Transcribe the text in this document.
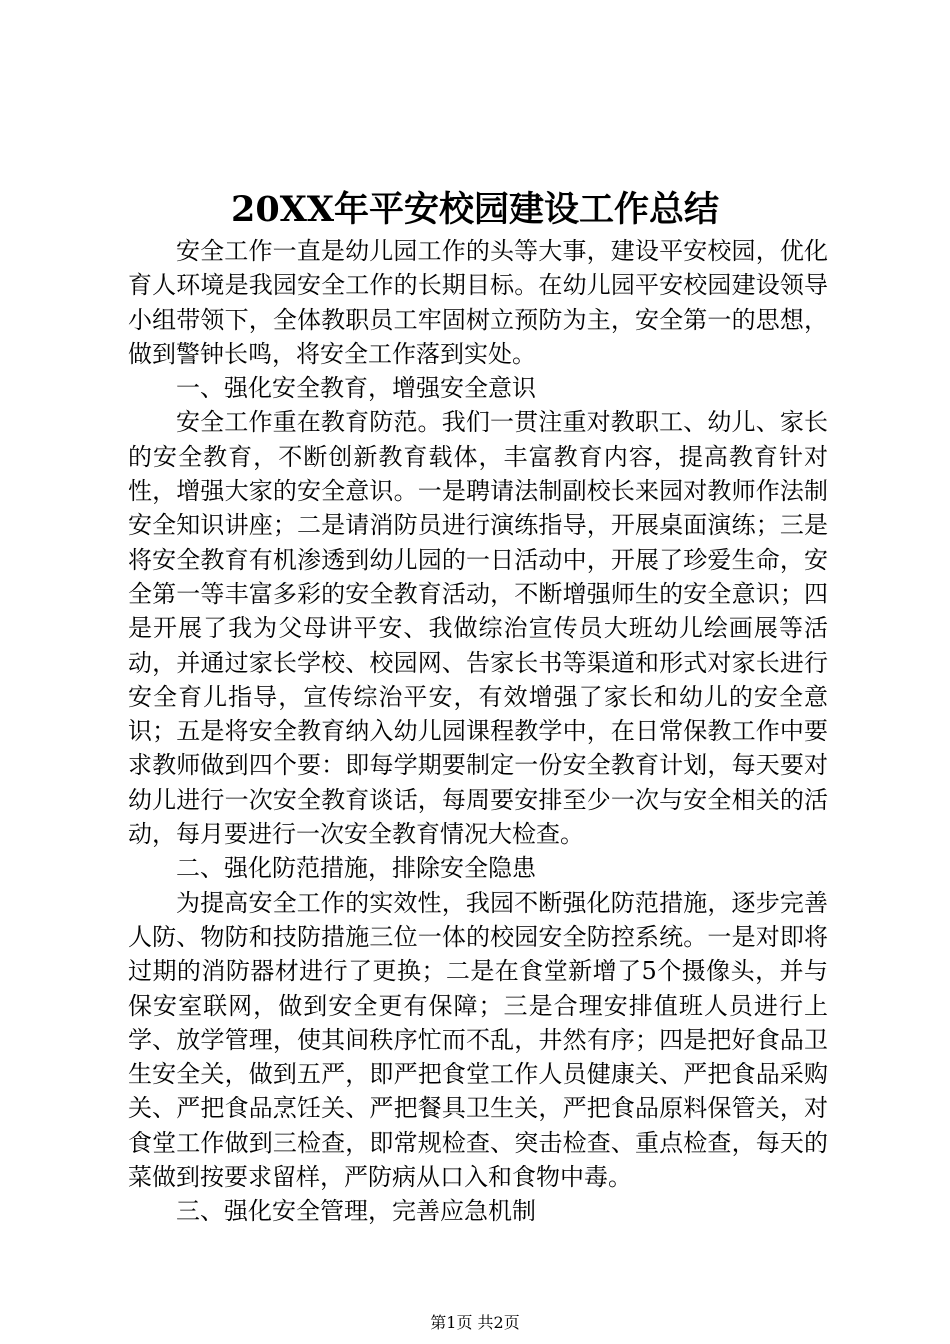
20XX年平安校园建设工作总结

安全工作一直是幼儿园工作的头等大事，建设平安校园，优化育人环境是我园安全工作的长期目标。在幼儿园平安校园建设领导小组带领下，全体教职员工牢固树立预防为主，安全第一的思想，做到警钟长鸣，将安全工作落到实处。

一、强化安全教育，增强安全意识

安全工作重在教育防范。我们一贯注重对教职工、幼儿、家长的安全教育，不断创新教育载体，丰富教育内容，提高教育针对性，增强大家的安全意识。一是聘请法制副校长来园对教师作法制安全知识讲座；二是请消防员进行演练指导，开展桌面演练；三是将安全教育有机渗透到幼儿园的一日活动中，开展了珍爱生命，安全第一等丰富多彩的安全教育活动，不断增强师生的安全意识；四是开展了我为父母讲平安、我做综治宣传员大班幼儿绘画展等活动，并通过家长学校、校园网、告家长书等渠道和形式对家长进行安全育儿指导，宣传综治平安，有效增强了家长和幼儿的安全意识；五是将安全教育纳入幼儿园课程教学中，在日常保教工作中要求教师做到四个要：即每学期要制定一份安全教育计划，每天要对幼儿进行一次安全教育谈话，每周要安排至少一次与安全相关的活动，每月要进行一次安全教育情况大检查。

二、强化防范措施，排除安全隐患

为提高安全工作的实效性，我园不断强化防范措施，逐步完善人防、物防和技防措施三位一体的校园安全防控系统。一是对即将过期的消防器材进行了更换；二是在食堂新增了5个摄像头，并与保安室联网，做到安全更有保障；三是合理安排值班人员进行上学、放学管理，使其间秩序忙而不乱，井然有序；四是把好食品卫生安全关，做到五严，即严把食堂工作人员健康关、严把食品采购关、严把食品烹饪关、严把餐具卫生关，严把食品原料保管关，对食堂工作做到三检查，即常规检查、突击检查、重点检查，每天的菜做到按要求留样，严防病从口入和食物中毒。

三、强化安全管理，完善应急机制

第1页 共2页
